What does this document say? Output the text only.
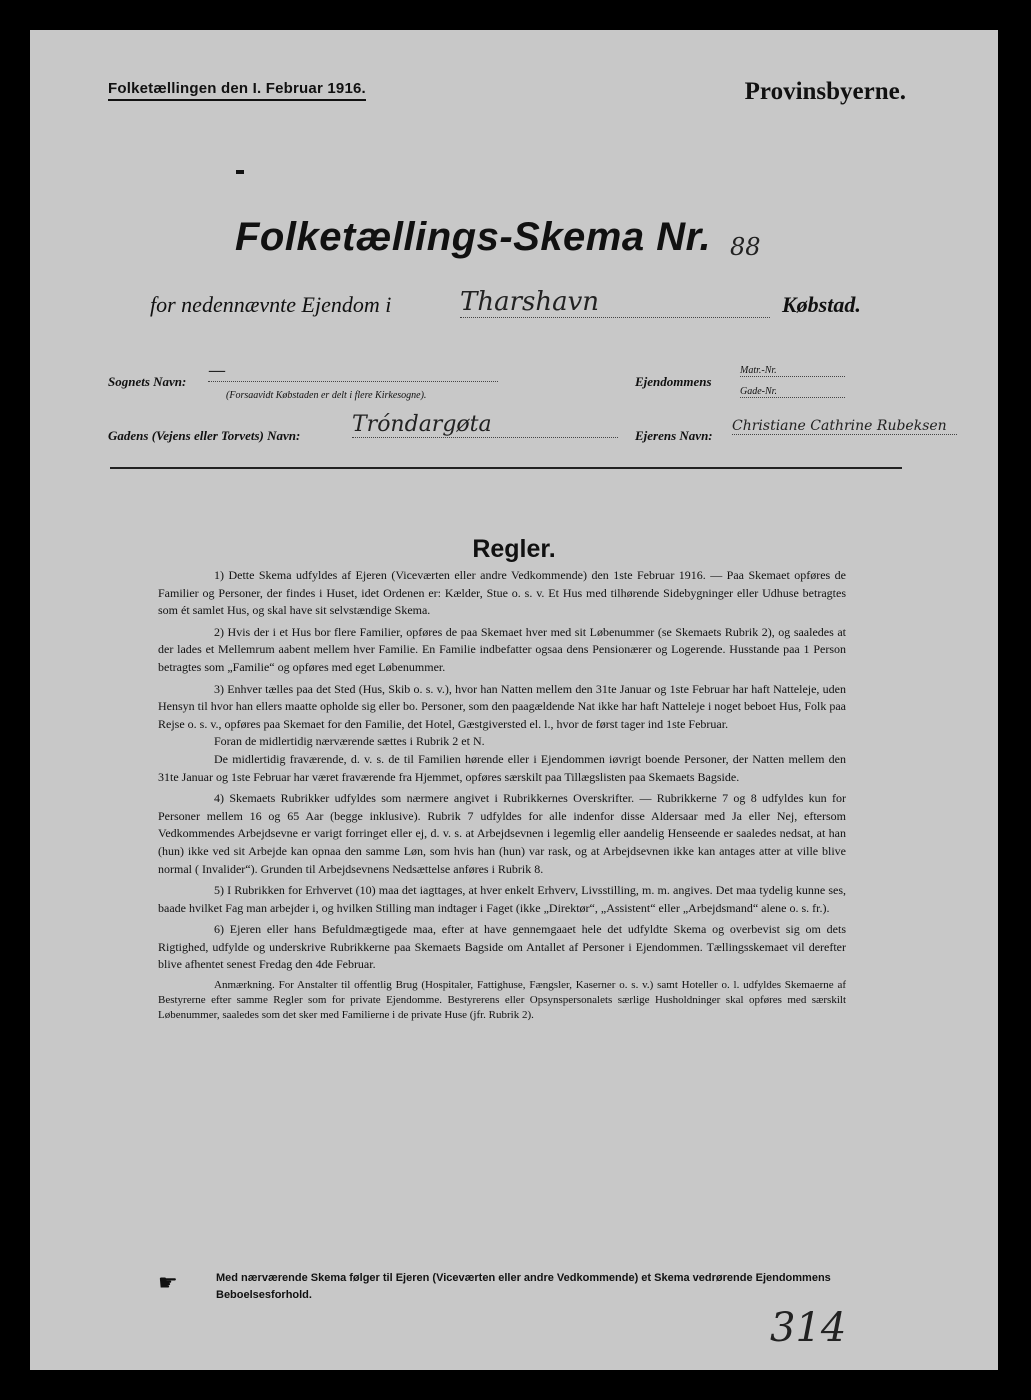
Folketællingen den I. Februar 1916.	Provinsbyerne.
Folketællings-Skema Nr. 88
for nedennævnte Ejendom i	Tharshavn	Købstad.
Sognets Navn:
—
(Forsaavidt Købstaden er delt i flere Kirkesogne).
Ejendommens
Matr.-Nr.
Gade-Nr.
Gadens (Vejens eller Torvets) Navn: Tróndargøta	Ejerens Navn:
Christiane Cathrine Rubeksen
Regler.

1) Dette Skema udfyldes af Ejeren (Viceværten eller andre Vedkommende) den 1ste Februar 1916. — Paa Skemaet opføres de Familier og Personer, der findes i Huset, idet Ordenen er: Kælder, Stue o. s. v. Et Hus med tilhørende Sidebygninger eller Udhuse betragtes som ét samlet Hus, og skal have sit selvstændige Skema.

2) Hvis der i et Hus bor flere Familier, opføres de paa Skemaet hver med sit Løbenummer (se Skemaets Rubrik 2), og saaledes at der lades et Mellemrum aabent mellem hver Familie. En Familie indbefatter ogsaa dens Pensionærer og Logerende. Husstande paa 1 Person betragtes som „Familie“ og opføres med eget Løbenummer.

3) Enhver tælles paa det Sted (Hus, Skib o. s. v.), hvor han Natten mellem den 31te Januar og 1ste Februar har haft Natteleje, uden Hensyn til hvor han ellers maatte opholde sig eller bo. Personer, som den paagældende Nat ikke har haft Natteleje i noget beboet Hus, Folk paa Rejse o. s. v., opføres paa Skemaet for den Familie, det Hotel, Gæstgiversted el. l., hvor de først tager ind 1ste Februar.

Foran de midlertidig nærværende sættes i Rubrik 2 et N.

De midlertidig fraværende, d. v. s. de til Familien hørende eller i Ejendommen iøvrigt boende Personer, der Natten mellem den 31te Januar og 1ste Februar har været fraværende fra Hjemmet, opføres særskilt paa Tillægslisten paa Skemaets Bagside.

4) Skemaets Rubrikker udfyldes som nærmere angivet i Rubrikkernes Overskrifter. — Rubrikkerne 7 og 8 udfyldes kun for Personer mellem 16 og 65 Aar (begge inklusive). Rubrik 7 udfyldes for alle indenfor disse Aldersaar med Ja eller Nej, eftersom Vedkommendes Arbejdsevne er varigt forringet eller ej, d. v. s. at Arbejdsevnen i legemlig eller aandelig Henseende er saaledes nedsat, at han (hun) ikke ved sit Arbejde kan opnaa den samme Løn, som hvis han (hun) var rask, og at Arbejdsevnen ikke kan antages atter at ville blive normal ( Invalider“). Grunden til Arbejdsevnens Nedsættelse anføres i Rubrik 8.

5) I Rubrikken for Erhvervet (10) maa det iagttages, at hver enkelt Erhverv, Livsstilling, m. m. angives. Det maa tydelig kunne ses, baade hvilket Fag man arbejder i, og hvilken Stilling man indtager i Faget (ikke „Direktør“, „Assistent“ eller „Arbejdsmand“ alene o. s. fr.).

6) Ejeren eller hans Befuldmægtigede maa, efter at have gennemgaaet hele det udfyldte Skema og overbevist sig om dets Rigtighed, udfylde og underskrive Rubrikkerne paa Skemaets Bagside om Antallet af Personer i Ejendommen. Tællingsskemaet vil derefter blive afhentet senest Fredag den 4de Februar.

Anmærkning. For Anstalter til offentlig Brug (Hospitaler, Fattighuse, Fængsler, Kaserner o. s. v.) samt Hoteller o. l. udfyldes Skemaerne af Bestyrerne efter samme Regler som for private Ejendomme. Bestyrerens eller Opsynspersonalets særlige Husholdninger skal opføres med særskilt Løbenummer, saaledes som det sker med Familierne i de private Huse (jfr. Rubrik 2).

☛	Med nærværende Skema følger til Ejeren (Viceværten eller andre Vedkommende) et Skema vedrørende Ejendommens Beboelsesforhold.
314
